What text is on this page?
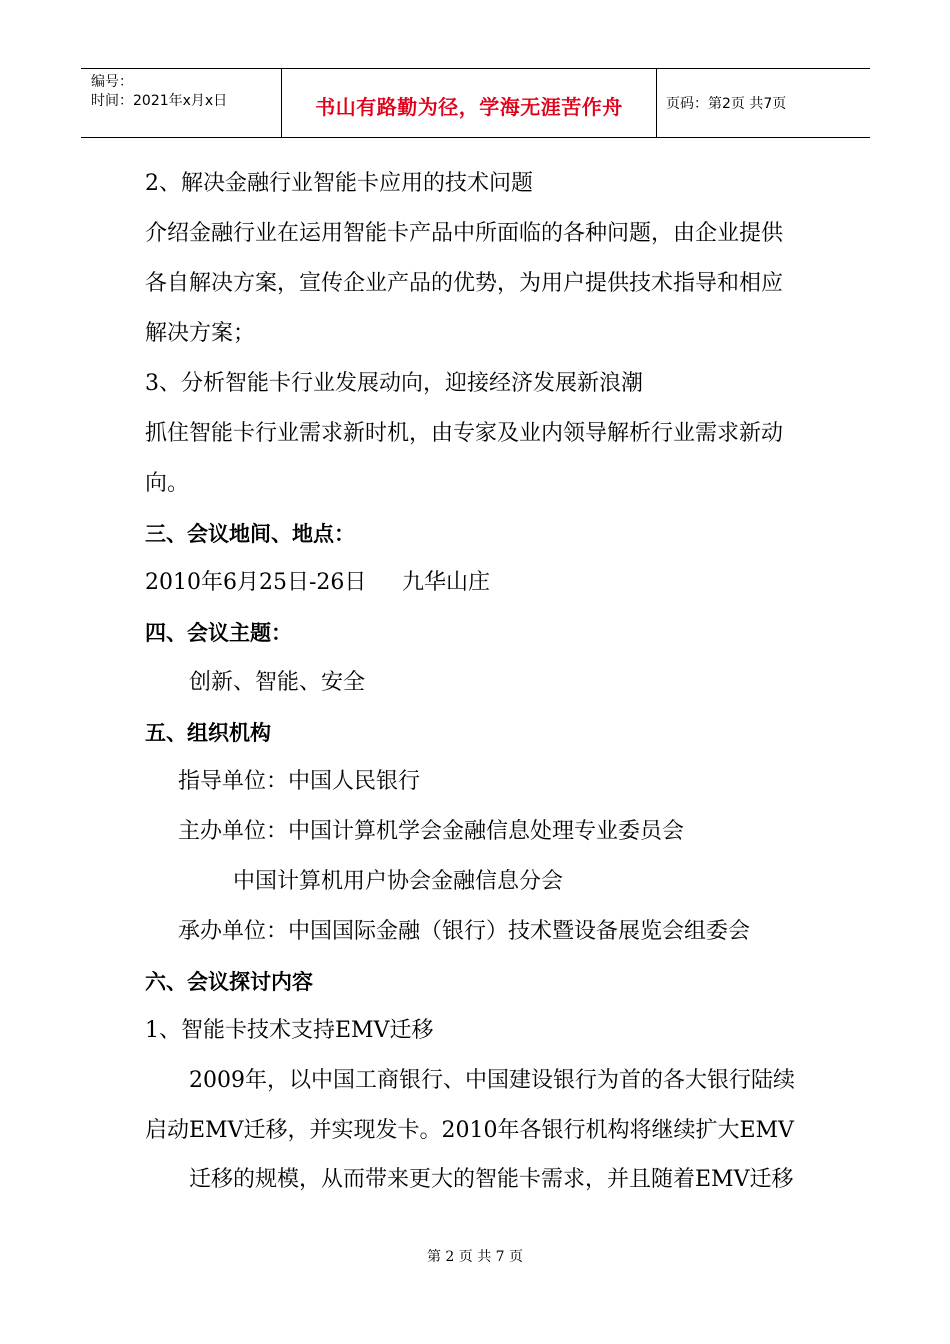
编号：
时间：2021年x月x日	书山有路勤为径，学海无涯苦作舟	页码：第2页 共7页
2、解决金融行业智能卡应用的技术问题
介绍金融行业在运用智能卡产品中所面临的各种问题，由企业提供
各自解决方案，宣传企业产品的优势，为用户提供技术指导和相应
解决方案；
3、分析智能卡行业发展动向，迎接经济发展新浪潮
抓住智能卡行业需求新时机，由专家及业内领导解析行业需求新动
向。
三、会议地间、地点：
2010年6月25日-26日 九华山庄
四、会议主题：
创新、智能、安全
五、组织机构
指导单位：中国人民银行
主办单位：中国计算机学会金融信息处理专业委员会
中国计算机用户协会金融信息分会
承办单位：中国国际金融（银行）技术暨设备展览会组委会
六、会议探讨内容
1、智能卡技术支持EMV迁移
2009年，以中国工商银行、中国建设银行为首的各大银行陆续
启动EMV迁移，并实现发卡。2010年各银行机构将继续扩大EMV
迁移的规模，从而带来更大的智能卡需求，并且随着EMV迁移
第 2 页 共 7 页
